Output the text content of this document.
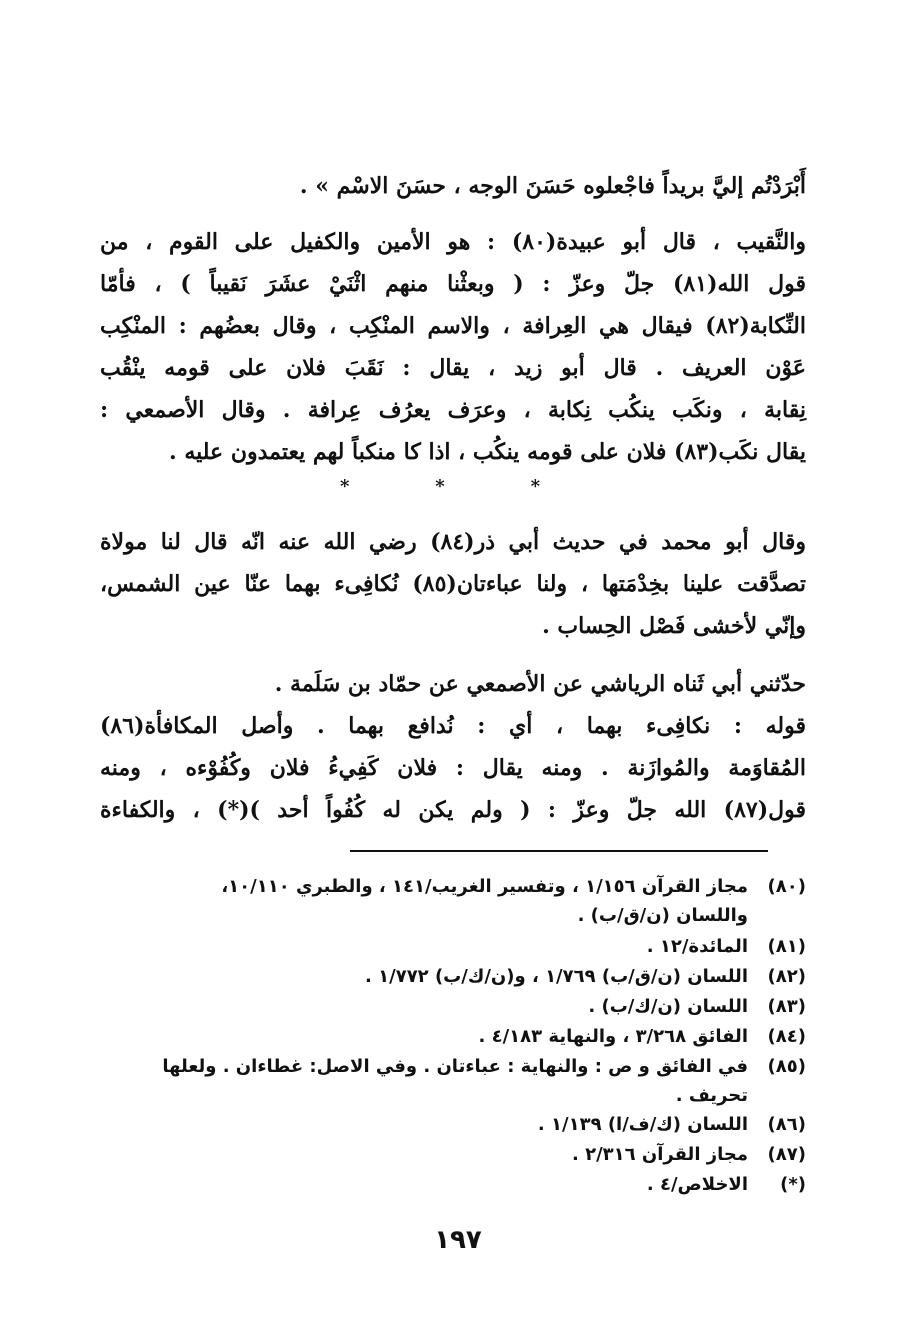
أَبْرَدْتُم إليَّ بريداً فاجْعلوه حَسَنَ الوجه ، حسَنَ الاسْم » .
والنَّقيب ، قال أبو عبيدة(٨٠) : هو الأمين والكفيل على القوم ، من
قول الله(٨١) جلّ وعزّ : ( وبعثْنا منهم اثْنَيْ عشَرَ نَقيباً ) ، فأمّا
النِّكابة(٨٢) فيقال هي العِرافة ، والاسم المنْكِب ، وقال بعضُهم : المنْكِب
عَوْن العريف . قال أبو زيد ، يقال : نَقَبَ فلان على قومه ينْقُب
نِقابة ، ونكَب ينكُب نِكابة ، وعرَف يعرُف عِرافة . وقال الأصمعي :
يقال نكَب(٨٣) فلان على قومه ينكُب ، اذا كا منكباً لهم يعتمدون عليه .
*	*	*
وقال أبو محمد في حديث أبي ذر(٨٤) رضي الله عنه انّه قال لنا مولاة
تصدَّقت علينا بخِدْمَتها ، ولنا عباءتان(٨٥) نُكافِىء بهما عنّا عين الشمس،
وإنّي لأخشى فَصْل الحِساب .
حدّثني أبي ثَناه الرياشي عن الأصمعي عن حمّاد بن سَلَمة .
قوله : نكافِىء بهما ، أي : نُدافع بهما . وأصل المكافأة(٨٦)
المُقاوَمة والمُوازَنة . ومنه يقال : فلان كَفِيءُ فلان وكُفُوْءه ، ومنه
قول(٨٧) الله جلّ وعزّ : ( ولم يكن له كُفُواً أحد )(*) ، والكفاءة
(٨٠)
مجاز القرآن ١/١٥٦ ، وتفسير الغريب/١٤١ ، والطبري ١٠/١١٠،
واللسان (ن/ق/ب) .
(٨١)
المائدة/١٢ .
(٨٢)
اللسان (ن/ق/ب) ١/٧٦٩ ، و(ن/ك/ب) ١/٧٧٢ .
(٨٣)
اللسان (ن/ك/ب) .
(٨٤)
الفائق ٣/٢٦٨ ، والنهاية ٤/١٨٣ .
(٨٥)
في الفائق و ص : والنهاية : عباءتان . وفي الاصل: غطاءان . ولعلها
تحريف .
(٨٦)
اللسان (ك/ف/ا) ١/١٣٩ .
(٨٧)
مجاز القرآن ٢/٣١٦ .
(*)
الاخلاص/٤ .
١٩٧
